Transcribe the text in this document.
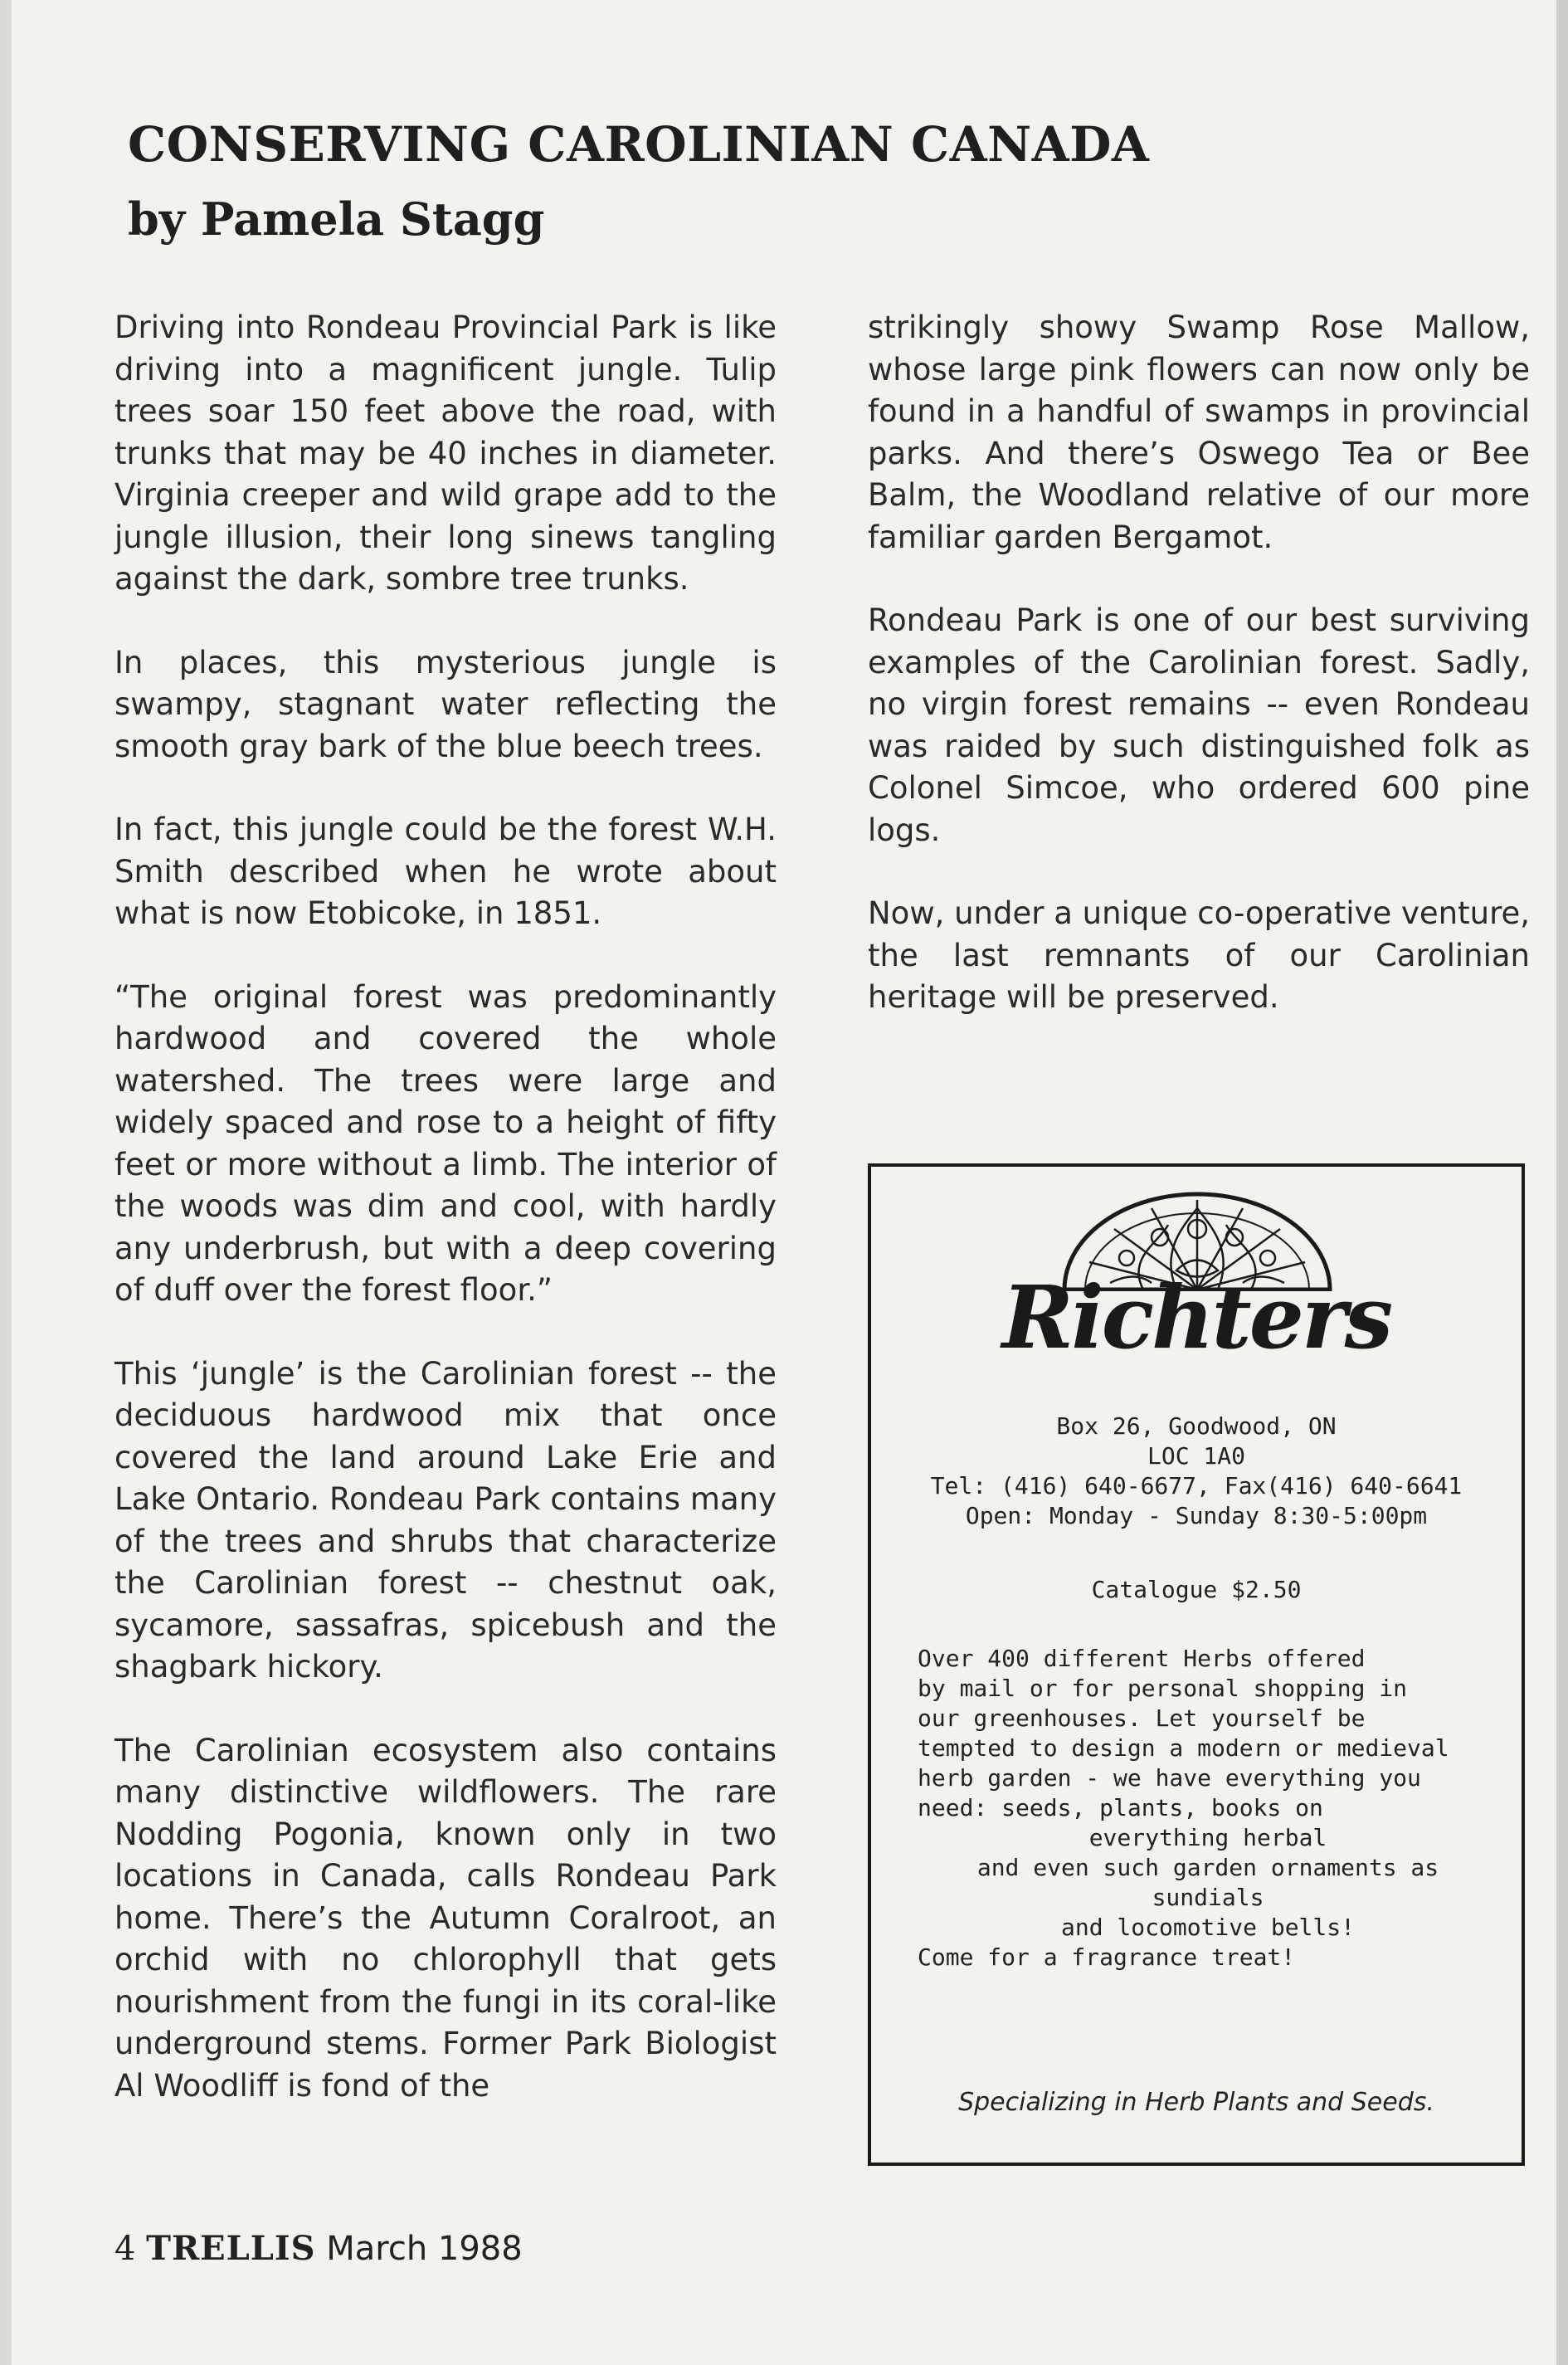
CONSERVING CAROLINIAN CANADA
by Pamela Stagg

Driving into Rondeau Provincial Park is like driving into a magnificent jungle. Tulip trees soar 150 feet above the road, with trunks that may be 40 inches in diameter. Virginia creeper and wild grape add to the jungle illusion, their long sinews tangling against the dark, sombre tree trunks.

In places, this mysterious jungle is swampy, stagnant water reflecting the smooth gray bark of the blue beech trees.

In fact, this jungle could be the forest W.H. Smith described when he wrote about what is now Etobicoke, in 1851.

“The original forest was predominantly hardwood and covered the whole watershed. The trees were large and widely spaced and rose to a height of fifty feet or more without a limb. The interior of the woods was dim and cool, with hardly any underbrush, but with a deep covering of duff over the forest floor.”

This ‘jungle’ is the Carolinian forest -- the deciduous hardwood mix that once covered the land around Lake Erie and Lake Ontario. Rondeau Park contains many of the trees and shrubs that characterize the Carolinian forest -- chestnut oak, sycamore, sassafras, spicebush and the shagbark hickory.

The Carolinian ecosystem also contains many distinctive wildflowers. The rare Nodding Pogonia, known only in two locations in Canada, calls Rondeau Park home. There’s the Autumn Coralroot, an orchid with no chlorophyll that gets nourishment from the fungi in its coral-like underground stems. Former Park Biologist Al Woodliff is fond of the

strikingly showy Swamp Rose Mallow, whose large pink flowers can now only be found in a handful of swamps in provincial parks. And there’s Oswego Tea or Bee Balm, the Woodland relative of our more familiar garden Bergamot.

Rondeau Park is one of our best surviving examples of the Carolinian forest. Sadly, no virgin forest remains -- even Rondeau was raided by such distinguished folk as Colonel Simcoe, who ordered 600 pine logs.

Now, under a unique co-operative venture, the last remnants of our Carolinian heritage will be preserved.

Richters
Box 26, Goodwood, ON
LOC 1A0
Tel: (416) 640-6677, Fax(416) 640-6641
Open: Monday - Sunday 8:30-5:00pm
Catalogue $2.50
Over 400 different Herbs offered
by mail or for personal shopping in
our greenhouses. Let yourself be
tempted to design a modern or medieval
herb garden - we have everything you
need: seeds, plants, books on
everything herbal
and even such garden ornaments as
sundials
and locomotive bells!
Come for a fragrance treat!
Specializing in Herb Plants and Seeds.
4 TRELLIS March 1988
